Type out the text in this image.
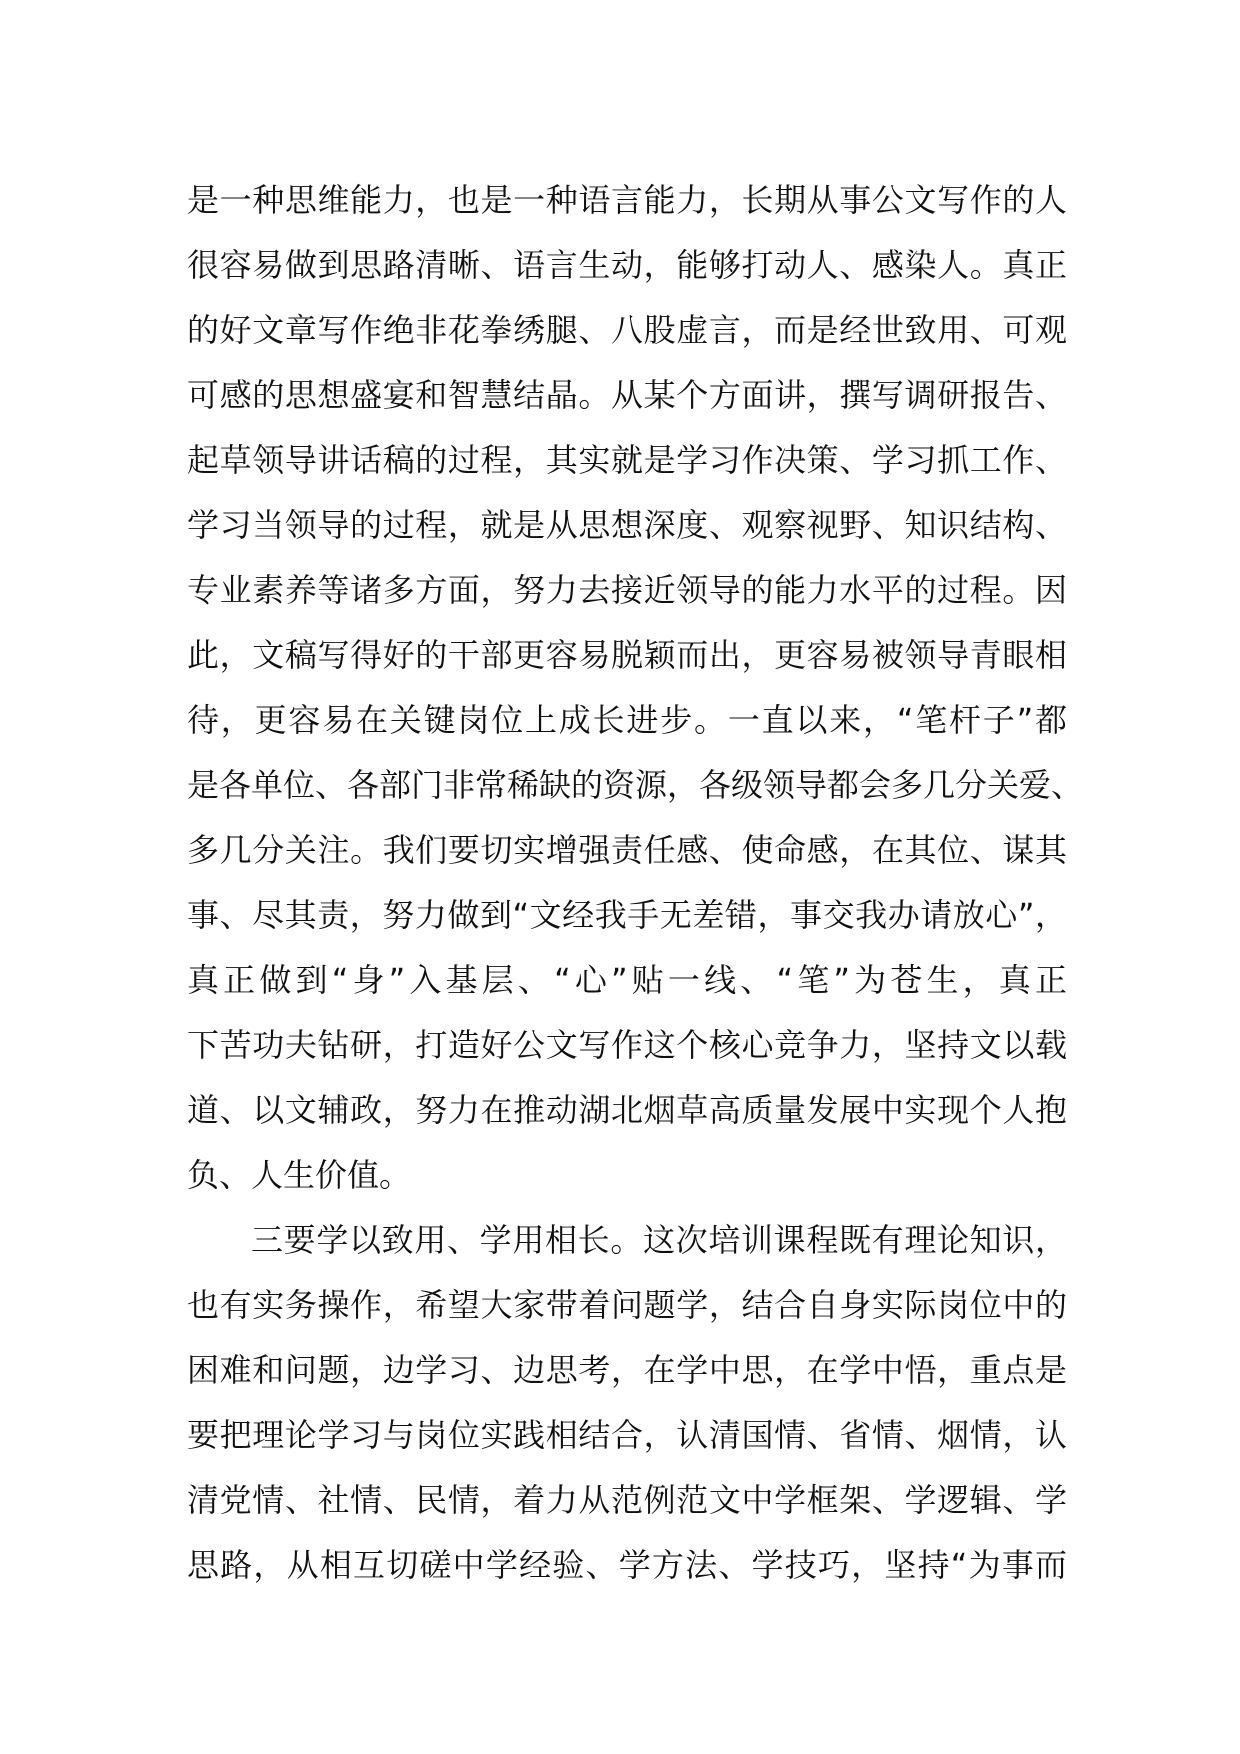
是一种思维能力，也是一种语言能力，长期从事公文写作的人
很容易做到思路清晰、语言生动，能够打动人、感染人。真正
的好文章写作绝非花拳绣腿、八股虚言，而是经世致用、可观
可感的思想盛宴和智慧结晶。从某个方面讲，撰写调研报告、
起草领导讲话稿的过程，其实就是学习作决策、学习抓工作、
学习当领导的过程，就是从思想深度、观察视野、知识结构、
专业素养等诸多方面，努力去接近领导的能力水平的过程。因
此，文稿写得好的干部更容易脱颖而出，更容易被领导青眼相
待，更容易在关键岗位上成长进步。一直以来，“笔杆子”都
是各单位、各部门非常稀缺的资源，各级领导都会多几分关爱、
多几分关注。我们要切实增强责任感、使命感，在其位、谋其
事、尽其责，努力做到“文经我手无差错，事交我办请放心”，
真正做到“身”入基层、“心”贴一线、“笔”为苍生，真正
下苦功夫钻研，打造好公文写作这个核心竞争力，坚持文以载
道、以文辅政，努力在推动湖北烟草高质量发展中实现个人抱
负、人生价值。
三要学以致用、学用相长。这次培训课程既有理论知识，
也有实务操作，希望大家带着问题学，结合自身实际岗位中的
困难和问题，边学习、边思考，在学中思，在学中悟，重点是
要把理论学习与岗位实践相结合，认清国情、省情、烟情，认
清党情、社情、民情，着力从范例范文中学框架、学逻辑、学
思路，从相互切磋中学经验、学方法、学技巧，坚持“为事而
